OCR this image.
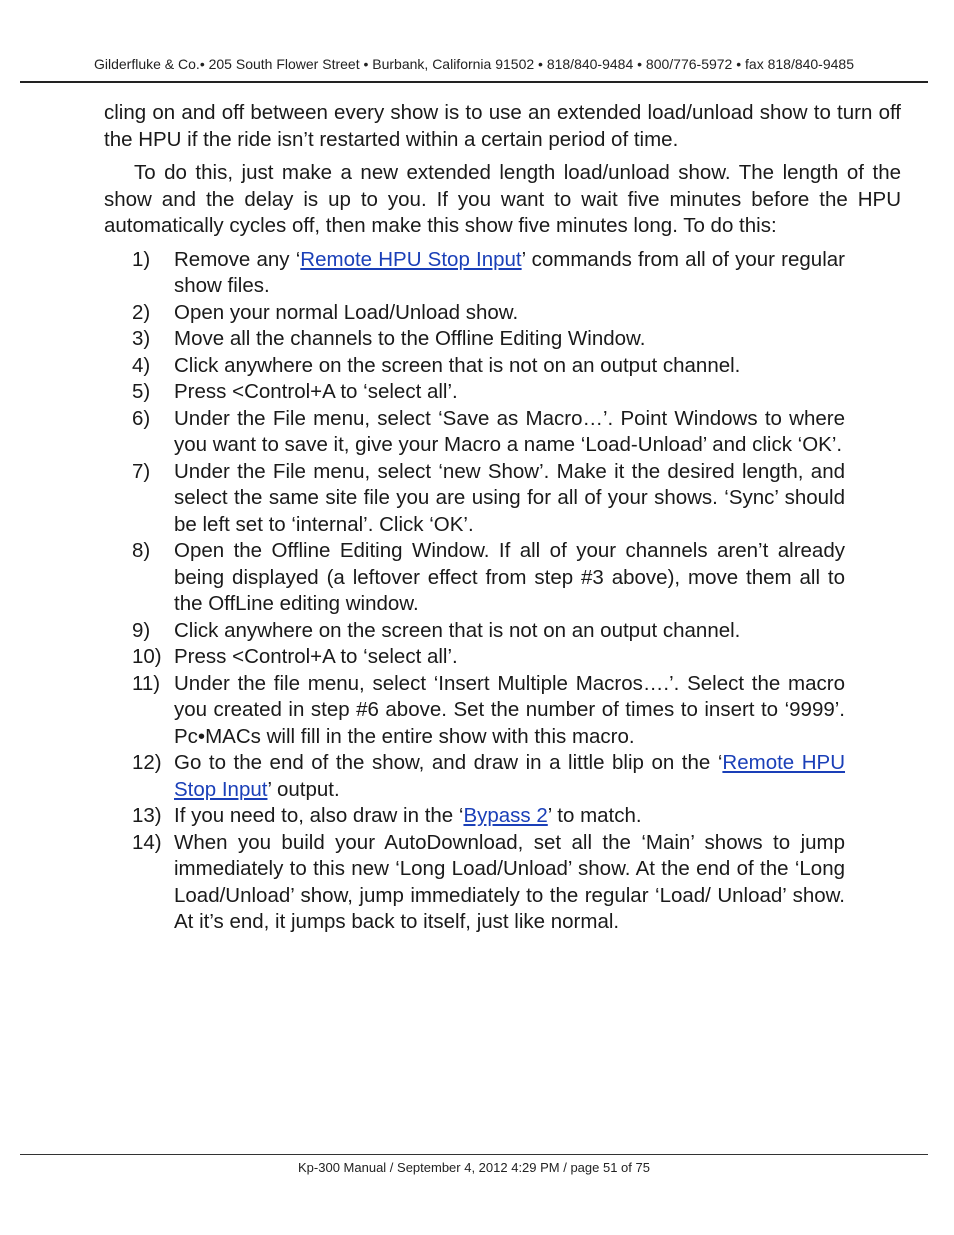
Gilderfluke & Co.• 205 South Flower Street • Burbank, California 91502 • 818/840-9484 • 800/776-5972 • fax 818/840-9485

cling on and off between every show is to use an extended load/unload show to turn off the HPU if the ride isn’t restarted within a certain period of time.

To do this, just make a new extended length load/unload show. The length of the show and the delay is up to you. If you want to wait five minutes before the HPU automatically cycles off, then make this show five minutes long. To do this:

1)	Remove any ‘Remote HPU Stop Input’ commands from all of your regular show files.
2)	Open your normal Load/Unload show.
3)	Move all the channels to the Offline Editing Window.
4)	Click anywhere on the screen that is not on an output channel.
5)	Press <Control+A to ‘select all’.
6)	Under the File menu, select ‘Save as Macro…’. Point Windows to where you want to save it, give your Macro a name ‘Load-Unload’ and click ‘OK’.
7)	Under the File menu, select ‘new Show’. Make it the desired length, and select the same site file you are using for all of your shows. ‘Sync’ should be left set to ‘internal’. Click ‘OK’.
8)	Open the Offline Editing Window. If all of your channels aren’t already being displayed (a leftover effect from step #3 above), move them all to the OffLine editing window.
9)	Click anywhere on the screen that is not on an output channel.
10) Press <Control+A to ‘select all’.
11) Under the file menu, select ‘Insert Multiple Macros….’. Select the macro you created in step #6 above. Set the number of times to insert to ‘9999’. Pc•MACs will fill in the entire show with this macro.
12) Go to the end of the show, and draw in a little blip on the ‘Remote HPU Stop Input’ output.
13) If you need to, also draw in the ‘Bypass 2’ to match.
14) When you build your AutoDownload, set all the ‘Main’ shows to jump immediately to this new ‘Long Load/Unload’ show. At the end of the ‘Long Load/Unload’ show, jump immediately to the regular ‘Load/ Unload’ show. At it’s end, it jumps back to itself, just like normal.
Kp-300 Manual / September 4, 2012 4:29 PM / page 51 of 75
